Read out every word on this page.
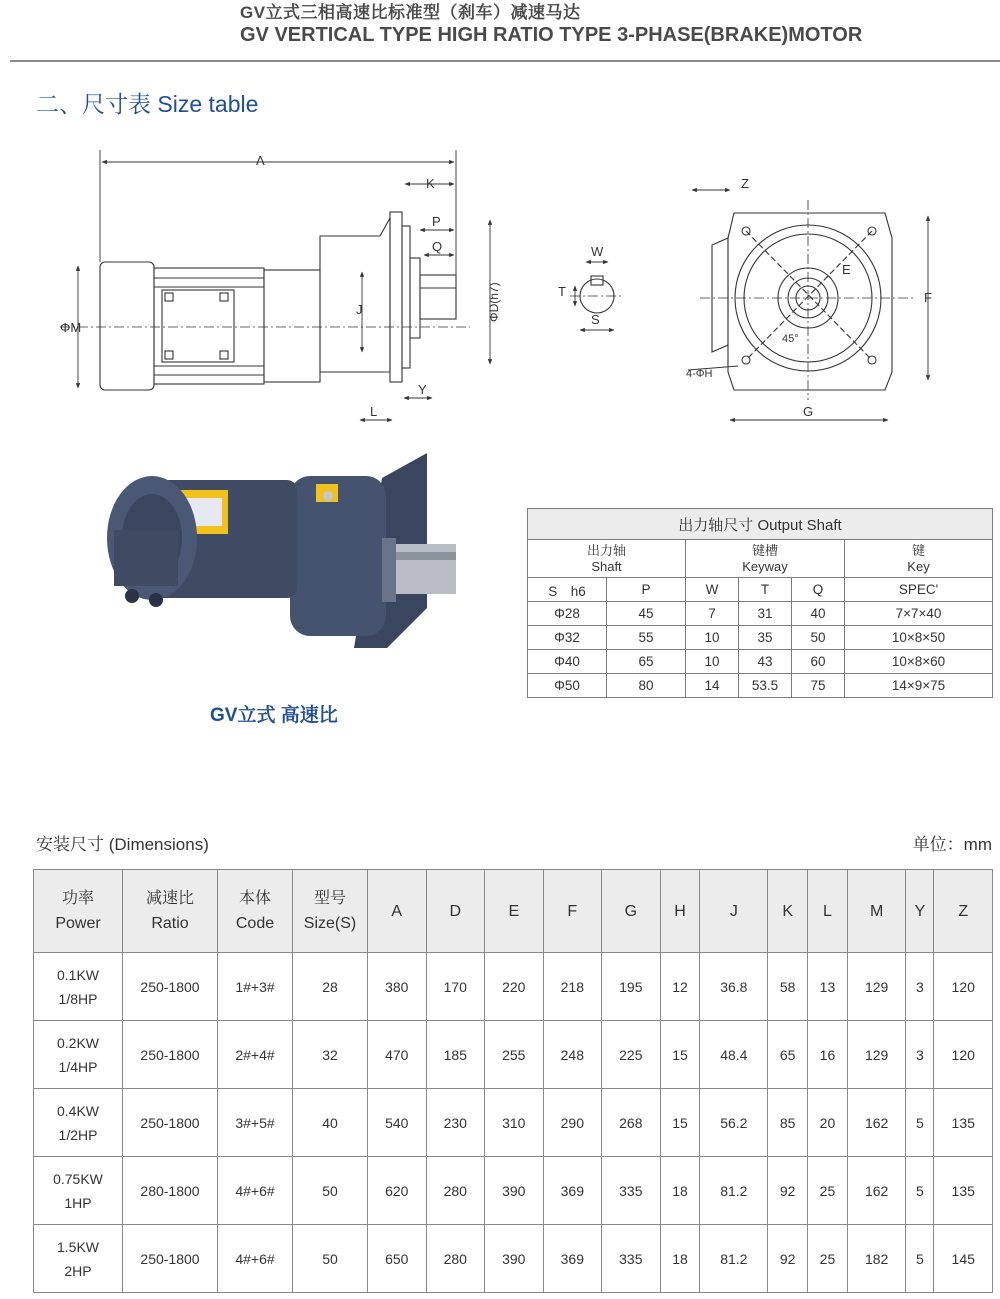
GV立式三相高速比标准型（刹车）减速马达
GV VERTICAL TYPE HIGH RATIO TYPE 3-PHASE(BRAKE)MOTOR
二、尺寸表 Size table
A
K
P
Q
J
ΦM
ΦD(h7)
L
Y
W
T
S
Z
E
F
G
45°
4-ΦH
GV立式 高速比
出力轴尺寸 Output Shaft					
出力轴
Shaft		键槽
Keyway			键
Key
S　h6	P	W	T	Q	SPEC'
Φ28	45	7	31	40	7×7×40
Φ32	55	10	35	50	10×8×50
Φ40	65	10	43	60	10×8×60
Φ50	80	14	53.5	75	14×9×75
安装尺寸 (Dimensions)	单位：mm
功率
Power	减速比
Ratio	本体
Code	型号
Size(S)	A	D	E	F	G	H	J	K	L	M	Y	Z
0.1KW
1/8HP	250-1800	1#+3#	28	380	170	220	218	195	12	36.8	58	13	129	3	120
0.2KW
1/4HP	250-1800	2#+4#	32	470	185	255	248	225	15	48.4	65	16	129	3	120
0.4KW
1/2HP	250-1800	3#+5#	40	540	230	310	290	268	15	56.2	85	20	162	5	135
0.75KW
1HP	280-1800	4#+6#	50	620	280	390	369	335	18	81.2	92	25	162	5	135
1.5KW
2HP	250-1800	4#+6#	50	650	280	390	369	335	18	81.2	92	25	182	5	145
